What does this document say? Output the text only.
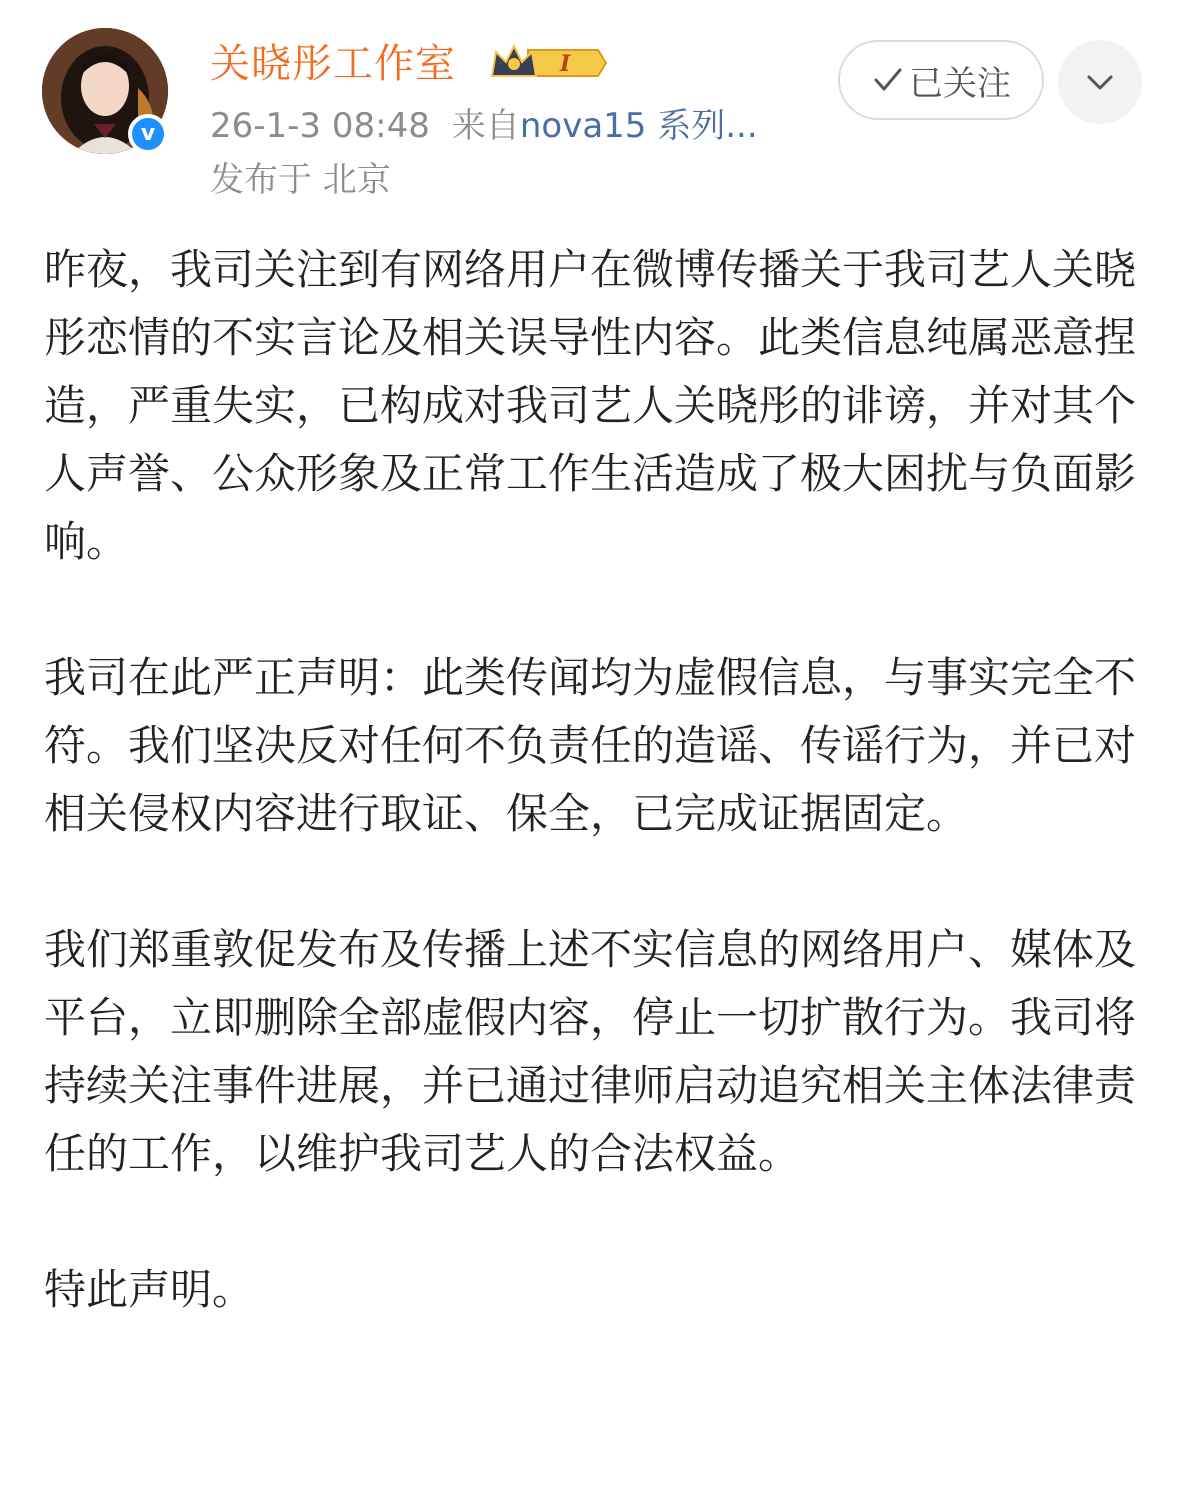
v
关晓彤工作室	I
26-1-3 08:48 来自nova15 系列...
发布于 北京
已关注

昨夜，我司关注到有网络用户在微博传播关于我司艺人关晓彤恋情的不实言论及相关误导性内容。此类信息纯属恶意捏造，严重失实，已构成对我司艺人关晓彤的诽谤，并对其个人声誉、公众形象及正常工作生活造成了极大困扰与负面影响。

我司在此严正声明：此类传闻均为虚假信息，与事实完全不符。我们坚决反对任何不负责任的造谣、传谣行为，并已对相关侵权内容进行取证、保全，已完成证据固定。

我们郑重敦促发布及传播上述不实信息的网络用户、媒体及平台，立即删除全部虚假内容，停止一切扩散行为。我司将持续关注事件进展，并已通过律师启动追究相关主体法律责任的工作，以维护我司艺人的合法权益。

特此声明。
